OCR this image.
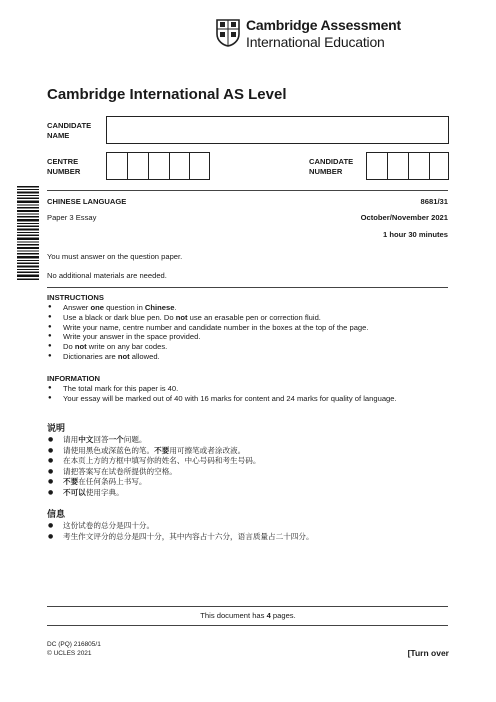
Cambridge Assessment
International Education
Cambridge International AS Level
CANDIDATE
NAME
CENTRE
NUMBER
CANDIDATE
NUMBER
CHINESE LANGUAGE	8681/31
Paper 3 Essay	October/November 2021
1 hour 30 minutes
You must answer on the question paper.
No additional materials are needed.
INSTRUCTIONS
● Answer one question in Chinese.
● Use a black or dark blue pen. Do not use an erasable pen or correction fluid.
● Write your name, centre number and candidate number in the boxes at the top of the page.
● Write your answer in the space provided.
● Do not write on any bar codes.
● Dictionaries are not allowed.
INFORMATION
● The total mark for this paper is 40.
● Your essay will be marked out of 40 with 16 marks for content and 24 marks for quality of language.
说明
● 请用中文回答一个问题。
● 请使用黑色或深蓝色的笔。不要用可擦笔或者涂改液。
● 在本页上方的方框中填写你的姓名、中心号码和考生号码。
● 请把答案写在试卷所提供的空格。
● 不要在任何条码上书写。
● 不可以使用字典。
信息
● 这份试卷的总分是四十分。
● 考生作文评分的总分是四十分，其中内容占十六分，语言质量占二十四分。
This document has 4 pages.
DC (PQ) 216805/1
© UCLES 2021	[Turn over
